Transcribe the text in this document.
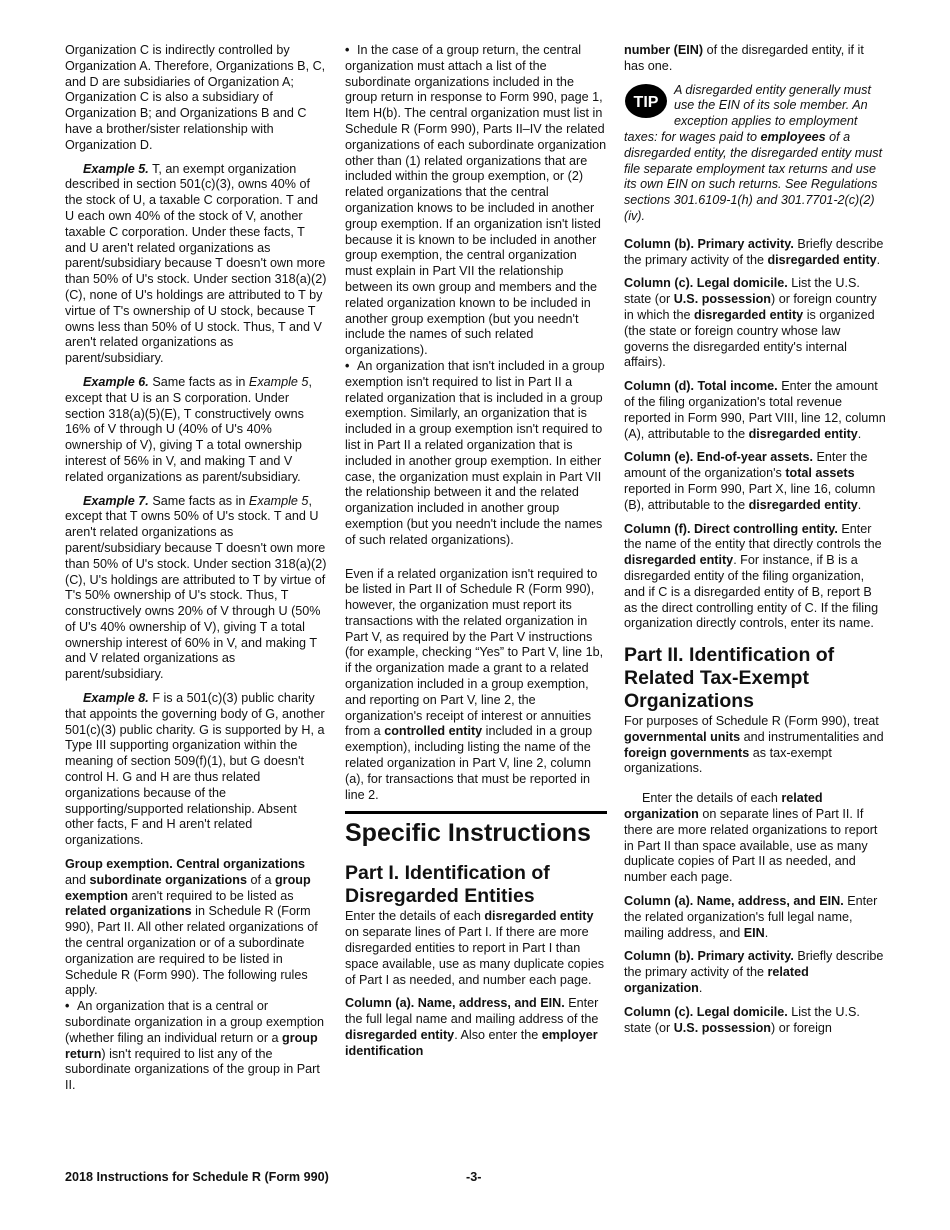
Organization C is indirectly controlled by Organization A. Therefore, Organizations B, C, and D are subsidiaries of Organization A; Organization C is also a subsidiary of Organization B; and Organizations B and C have a brother/sister relationship with Organization D.

Example 5. T, an exempt organization described in section 501(c)(3), owns 40% of the stock of U, a taxable C corporation. T and U each own 40% of the stock of V, another taxable C corporation. Under these facts, T and U aren't related organizations as parent/subsidiary because T doesn't own more than 50% of U's stock. Under section 318(a)(2)(C), none of U's holdings are attributed to T by virtue of T's ownership of U stock, because T owns less than 50% of U stock. Thus, T and V aren't related organizations as parent/subsidiary.

Example 6. Same facts as in Example 5, except that U is an S corporation. Under section 318(a)(5)(E), T constructively owns 16% of V through U (40% of U's 40% ownership of V), giving T a total ownership interest of 56% in V, and making T and V related organizations as parent/subsidiary.

Example 7. Same facts as in Example 5, except that T owns 50% of U's stock. T and U aren't related organizations as parent/subsidiary because T doesn't own more than 50% of U's stock. Under section 318(a)(2)(C), U's holdings are attributed to T by virtue of T's 50% ownership of U's stock. Thus, T constructively owns 20% of V through U (50% of U's 40% ownership of V), giving T a total ownership interest of 60% in V, and making T and V related organizations as parent/subsidiary.

Example 8. F is a 501(c)(3) public charity that appoints the governing body of G, another 501(c)(3) public charity. G is supported by H, a Type III supporting organization within the meaning of section 509(f)(1), but G doesn't control H. G and H are thus related organizations because of the supporting/supported relationship. Absent other facts, F and H aren't related organizations.

Group exemption. Central organizations and subordinate organizations of a group exemption aren't required to be listed as related organizations in Schedule R (Form 990), Part II. All other related organizations of the central organization or of a subordinate organization are required to be listed in Schedule R (Form 990). The following rules apply.

• An organization that is a central or subordinate organization in a group exemption (whether filing an individual return or a group return) isn't required to list any of the subordinate organizations of the group in Part II.

• In the case of a group return, the central organization must attach a list of the subordinate organizations included in the group return in response to Form 990, page 1, Item H(b). The central organization must list in Schedule R (Form 990), Parts II–IV the related organizations of each subordinate organization other than (1) related organizations that are included within the group exemption, or (2) related organizations that the central organization knows to be included in another group exemption. If an organization isn't listed because it is known to be included in another group exemption, the central organization must explain in Part VII the relationship between its own group and members and the related organization known to be included in another group exemption (but you needn't include the names of such related organizations).

• An organization that isn't included in a group exemption isn't required to list in Part II a related organization that is included in a group exemption. Similarly, an organization that is included in a group exemption isn't required to list in Part II a related organization that is included in another group exemption. In either case, the organization must explain in Part VII the relationship between it and the related organization included in another group exemption (but you needn't include the names of such related organizations).

Even if a related organization isn't required to be listed in Part II of Schedule R (Form 990), however, the organization must report its transactions with the related organization in Part V, as required by the Part V instructions (for example, checking “Yes” to Part V, line 1b, if the organization made a grant to a related organization included in a group exemption, and reporting on Part V, line 2, the organization's receipt of interest or annuities from a controlled entity included in a group exemption), including listing the name of the related organization in Part V, line 2, column (a), for transactions that must be reported in line 2.

Specific Instructions
Part I. Identification of Disregarded Entities

Enter the details of each disregarded entity on separate lines of Part I. If there are more disregarded entities to report in Part I than space available, use as many duplicate copies of Part I as needed, and number each page.

Column (a). Name, address, and EIN. Enter the full legal name and mailing address of the disregarded entity. Also enter the employer identification

number (EIN) of the disregarded entity, if it has one.

TIP

A disregarded entity generally must use the EIN of its sole member. An exception applies to employment taxes: for wages paid to employees of a disregarded entity, the disregarded entity must file separate employment tax returns and use its own EIN on such returns. See Regulations sections 301.6109-1(h) and 301.7701-2(c)(2)(iv).

Column (b). Primary activity. Briefly describe the primary activity of the disregarded entity.

Column (c). Legal domicile. List the U.S. state (or U.S. possession) or foreign country in which the disregarded entity is organized (the state or foreign country whose law governs the disregarded entity's internal affairs).

Column (d). Total income. Enter the amount of the filing organization's total revenue reported in Form 990, Part VIII, line 12, column (A), attributable to the disregarded entity.

Column (e). End-of-year assets. Enter the amount of the organization's total assets reported in Form 990, Part X, line 16, column (B), attributable to the disregarded entity.

Column (f). Direct controlling entity. Enter the name of the entity that directly controls the disregarded entity. For instance, if B is a disregarded entity of the filing organization, and if C is a disregarded entity of B, report B as the direct controlling entity of C. If the filing organization directly controls, enter its name.

Part II. Identification of Related Tax-Exempt Organizations

For purposes of Schedule R (Form 990), treat governmental units and instrumentalities and foreign governments as tax-exempt organizations.

Enter the details of each related organization on separate lines of Part II. If there are more related organizations to report in Part II than space available, use as many duplicate copies of Part II as needed, and number each page.

Column (a). Name, address, and EIN. Enter the related organization's full legal name, mailing address, and EIN.

Column (b). Primary activity. Briefly describe the primary activity of the related organization.

Column (c). Legal domicile. List the U.S. state (or U.S. possession) or foreign

2018 Instructions for Schedule R (Form 990)	-3-
